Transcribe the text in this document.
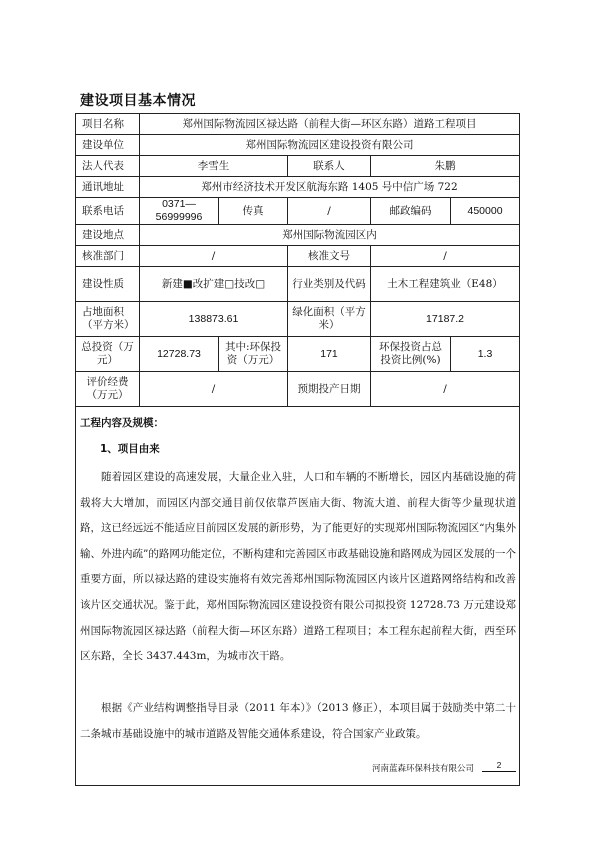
建设项目基本情况
项目名称	郑州国际物流园区禄达路（前程大街—环区东路）道路工程项目				
建设单位	郑州国际物流园区建设投资有限公司				
法人代表	李雪生		联系人	朱鹏	
通讯地址	郑州市经济技术开发区航海东路 1405 号中信广场 722				
联系电话	0371—56999996	传真	/	邮政编码	450000
建设地点	郑州国际物流园区内				
核准部门	/		核准文号	/	
建设性质	新建■改扩建□技改□		行业类别及代码	土木工程建筑业（E48）	
占地面积（平方米）	138873.61		绿化面积（平方米）	17187.2	
总投资（万元）	12728.73	其中:环保投资（万元）	171	环保投资占总投资比例(%)	1.3
评价经费（万元）	/		预期投产日期	/	

工程内容及规模：
1、项目由来
随着园区建设的高速发展，大量企业入驻，人口和车辆的不断增长，园区内基础设施的荷载将大大增加，而园区内部交通目前仅依靠芦医庙大街、物流大道、前程大街等少量现状道路，这已经远远不能适应目前园区发展的新形势，为了能更好的实现郑州国际物流园区“内集外输、外进内疏”的路网功能定位，不断构建和完善园区市政基础设施和路网成为园区发展的一个重要方面，所以禄达路的建设实施将有效完善郑州国际物流园区内该片区道路网络结构和改善该片区交通状况。鉴于此，郑州国际物流园区建设投资有限公司拟投资 12728.73 万元建设郑州国际物流园区禄达路（前程大街—环区东路）道路工程项目；本工程东起前程大街，西至环区东路，全长 3437.443m，为城市次干路。
根据《产业结构调整指导目录（2011 年本）》（2013 修正），本项目属于鼓励类中第二十二条城市基础设施中的城市道路及智能交通体系建设，符合国家产业政策。					
河南蓝森环保科技有限公司	2
